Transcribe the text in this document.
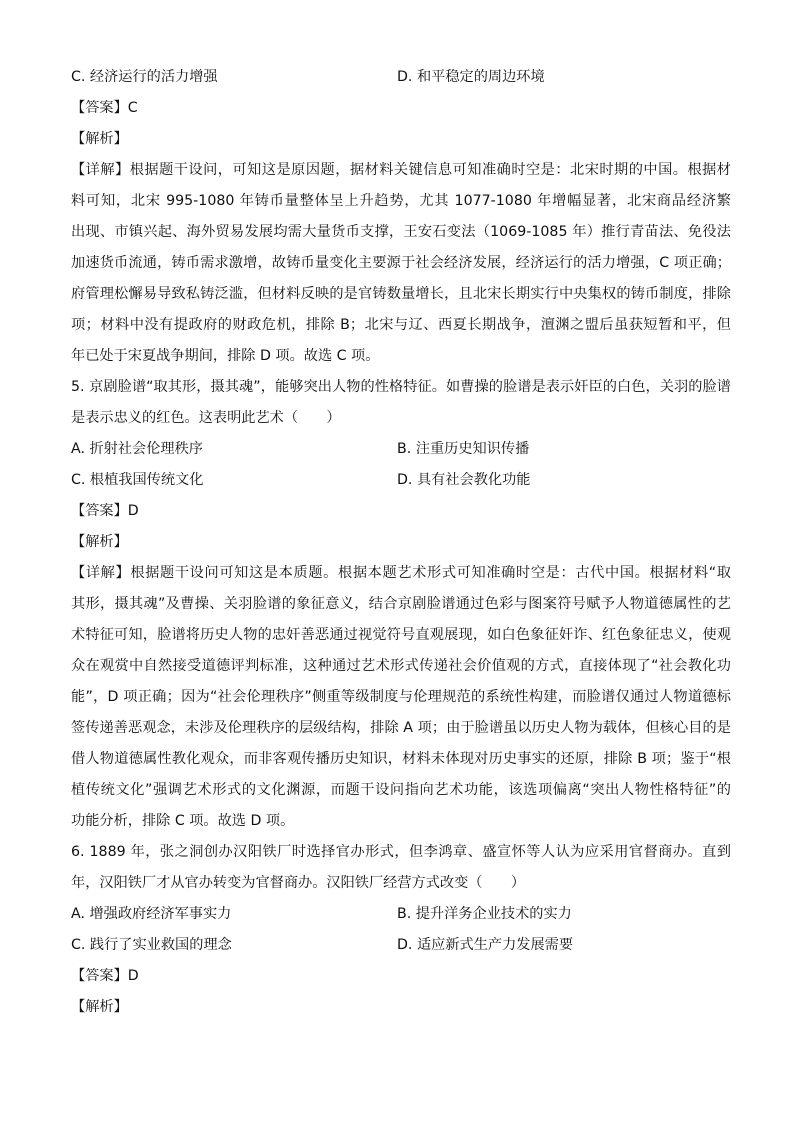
C. 经济运行的活力增强	D. 和平稳定的周边环境
【答案】C
【解析】
【详解】根据题干设问，可知这是原因题，据材料关键信息可知准确时空是：北宋时期的中国。根据材
料可知，北宋 995-1080 年铸币量整体呈上升趋势，尤其 1077-1080 年增幅显著，北宋商品经济繁
出现、市镇兴起、海外贸易发展均需大量货币支撑，王安石变法（1069-1085 年）推行青苗法、免役法
加速货币流通，铸币需求激增，故铸币量变化主要源于社会经济发展，经济运行的活力增强，C 项正确；
府管理松懈易导致私铸泛滥，但材料反映的是官铸数量增长，且北宋长期实行中央集权的铸币制度，排除
项；材料中没有提政府的财政危机，排除 B；北宋与辽、西夏长期战争，澶渊之盟后虽获短暂和平，但
年已处于宋夏战争期间，排除 D 项。故选 C 项。
5. 京剧脸谱“取其形，摄其魂”，能够突出人物的性格特征。如曹操的脸谱是表示奸臣的白色，关羽的脸谱
是表示忠义的红色。这表明此艺术（　　）
A. 折射社会伦理秩序	B. 注重历史知识传播
C. 根植我国传统文化	D. 具有社会教化功能
【答案】D
【解析】
【详解】根据题干设问可知这是本质题。根据本题艺术形式可知准确时空是：古代中国。根据材料“取
其形，摄其魂”及曹操、关羽脸谱的象征意义，结合京剧脸谱通过色彩与图案符号赋予人物道德属性的艺
术特征可知，脸谱将历史人物的忠奸善恶通过视觉符号直观展现，如白色象征奸诈、红色象征忠义，使观
众在观赏中自然接受道德评判标准，这种通过艺术形式传递社会价值观的方式，直接体现了“社会教化功
能”，D 项正确；因为“社会伦理秩序”侧重等级制度与伦理规范的系统性构建，而脸谱仅通过人物道德标
签传递善恶观念，未涉及伦理秩序的层级结构，排除 A 项；由于脸谱虽以历史人物为载体，但核心目的是
借人物道德属性教化观众，而非客观传播历史知识，材料未体现对历史事实的还原，排除 B 项；鉴于“根
植传统文化”强调艺术形式的文化渊源，而题干设问指向艺术功能，该选项偏离“突出人物性格特征”的
功能分析，排除 C 项。故选 D 项。
6. 1889 年，张之洞创办汉阳铁厂时选择官办形式，但李鸿章、盛宣怀等人认为应采用官督商办。直到
年，汉阳铁厂才从官办转变为官督商办。汉阳铁厂经营方式改变（　　）
A. 增强政府经济军事实力	B. 提升洋务企业技术的实力
C. 践行了实业救国的理念	D. 适应新式生产力发展需要
【答案】D
【解析】
